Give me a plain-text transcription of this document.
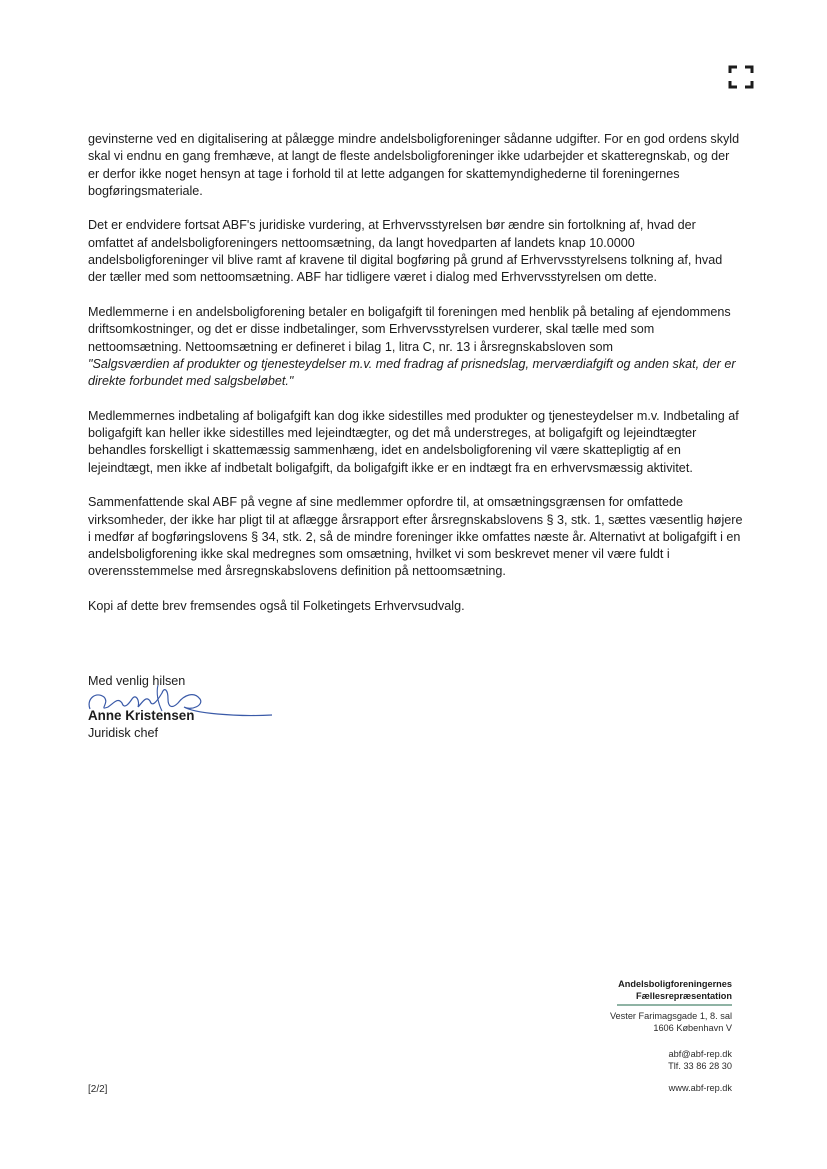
gevinsterne ved en digitalisering at pålægge mindre andelsboligforeninger sådanne udgifter. For en god ordens skyld skal vi endnu en gang fremhæve, at langt de fleste andelsboligforeninger ikke udarbejder et skatteregnskab, og der er derfor ikke noget hensyn at tage i forhold til at lette adgangen for skattemyndighederne til foreningernes bogføringsmateriale.

Det er endvidere fortsat ABF's juridiske vurdering, at Erhvervsstyrelsen bør ændre sin fortolkning af, hvad der omfattet af andelsboligforeningers nettoomsætning, da langt hovedparten af landets knap 10.0000 andelsboligforeninger vil blive ramt af kravene til digital bogføring på grund af Erhvervsstyrelsens tolkning af, hvad der tæller med som nettoomsætning. ABF har tidligere været i dialog med Erhvervsstyrelsen om dette.

Medlemmerne i en andelsboligforening betaler en boligafgift til foreningen med henblik på betaling af ejendommens driftsomkostninger, og det er disse indbetalinger, som Erhvervsstyrelsen vurderer, skal tælle med som nettoomsætning. Nettoomsætning er defineret i bilag 1, litra C, nr. 13 i årsregnskabsloven som
"Salgsværdien af produkter og tjenesteydelser m.v. med fradrag af prisnedslag, merværdiafgift og anden skat, der er direkte forbundet med salgsbeløbet."

Medlemmernes indbetaling af boligafgift kan dog ikke sidestilles med produkter og tjenesteydelser m.v. Indbetaling af boligafgift kan heller ikke sidestilles med lejeindtægter, og det må understreges, at boligafgift og lejeindtægter behandles forskelligt i skattemæssig sammenhæng, idet en andelsboligforening vil være skattepligtig af en lejeindtægt, men ikke af indbetalt boligafgift, da boligafgift ikke er en indtægt fra en erhvervsmæssig aktivitet.

Sammenfattende skal ABF på vegne af sine medlemmer opfordre til, at omsætningsgrænsen for omfattede virksomheder, der ikke har pligt til at aflægge årsrapport efter årsregnskabslovens § 3, stk. 1, sættes væsentlig højere i medfør af bogføringslovens § 34, stk. 2, så de mindre foreninger ikke omfattes næste år. Alternativt at boligafgift i en andelsboligforening ikke skal medregnes som omsætning, hvilket vi som beskrevet mener vil være fuldt i overensstemmelse med årsregnskabslovens definition på nettoomsætning.

Kopi af dette brev fremsendes også til Folketingets Erhvervsudvalg.

Med venlig hilsen
Anne Kristensen
Juridisk chef
Andelsboligforeningernes
Fællesrepræsentation
Vester Farimagsgade 1, 8. sal
1606 København V
abf@abf-rep.dk
Tlf. 33 86 28 30
www.abf-rep.dk
[2/2]
